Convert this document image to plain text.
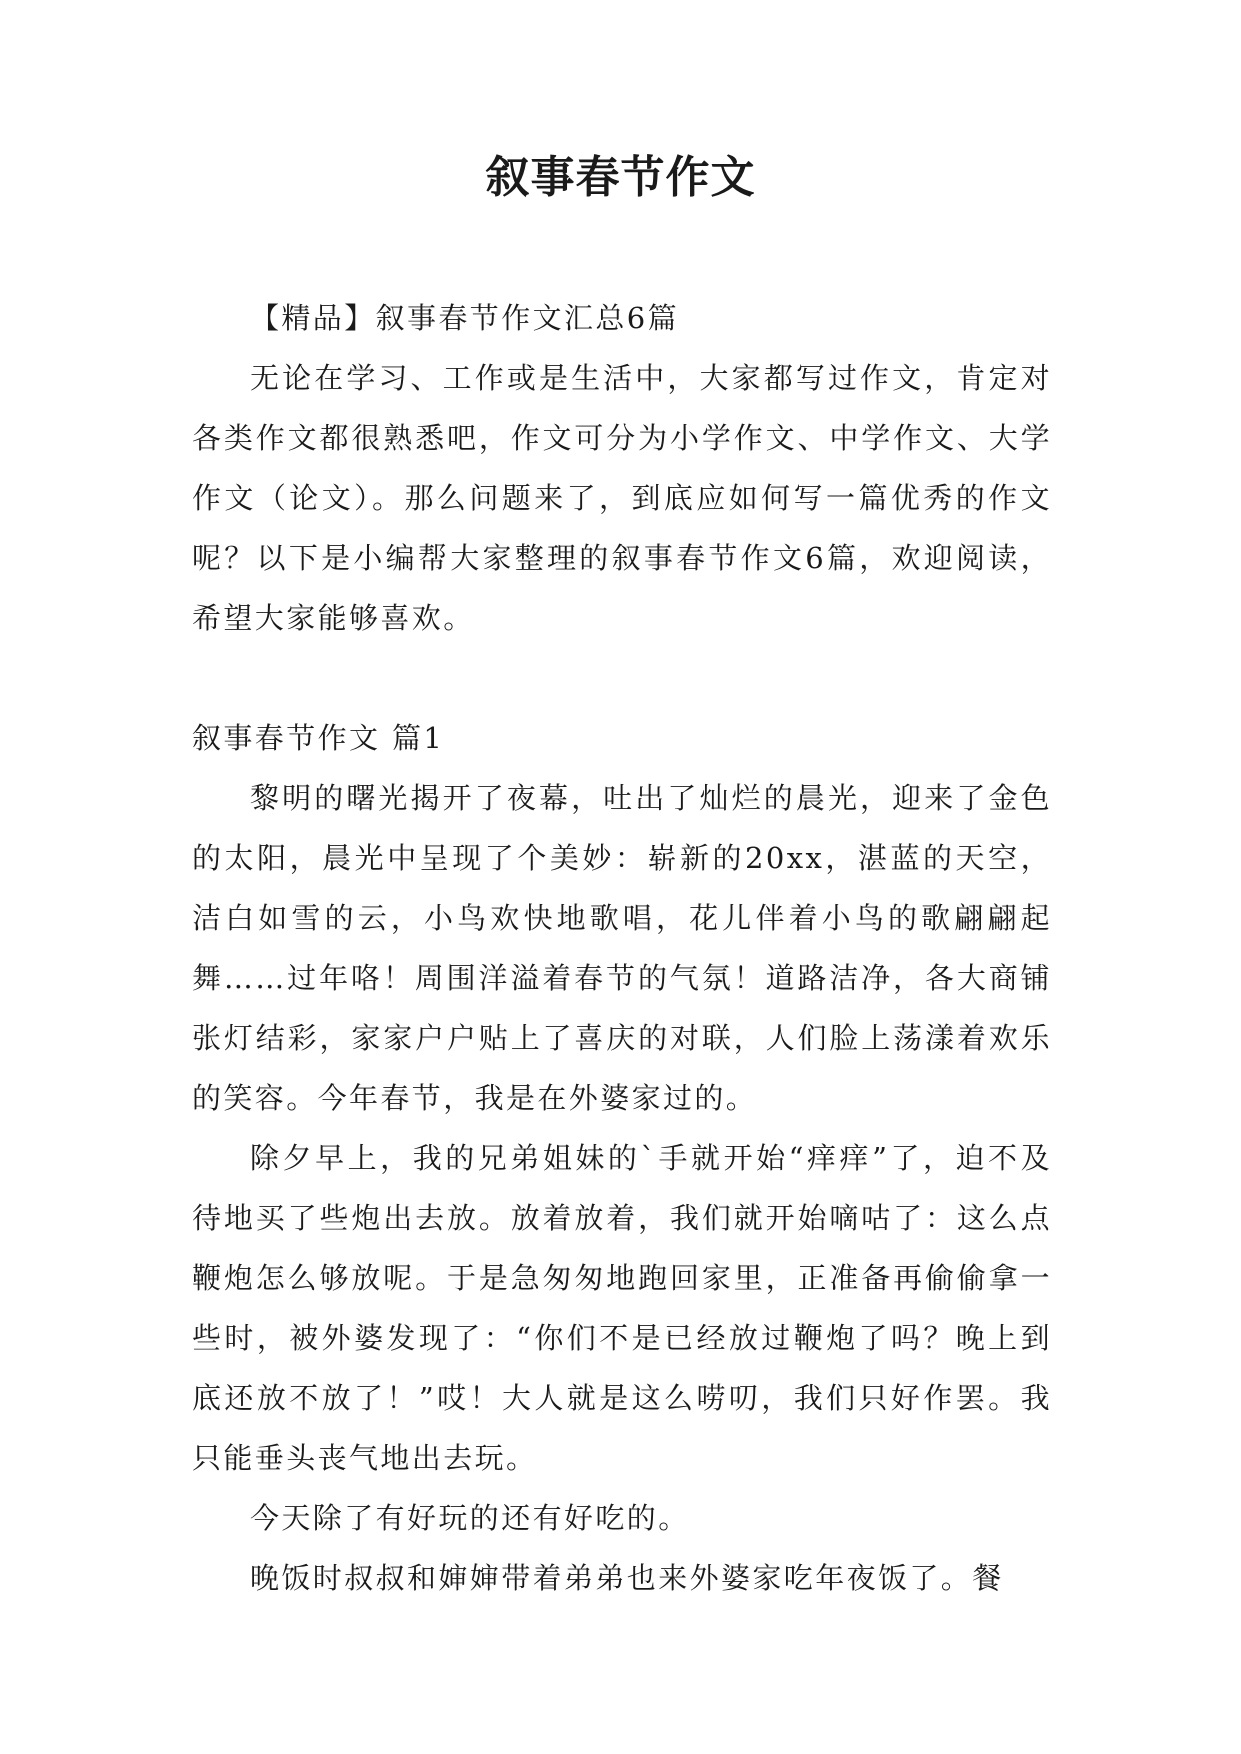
叙事春节作文

【精品】叙事春节作文汇总6篇

无论在学习、工作或是生活中，大家都写过作文，肯定对各类作文都很熟悉吧，作文可分为小学作文、中学作文、大学作文（论文）。那么问题来了，到底应如何写一篇优秀的作文呢？以下是小编帮大家整理的叙事春节作文6篇，欢迎阅读，希望大家能够喜欢。

叙事春节作文 篇1

黎明的曙光揭开了夜幕，吐出了灿烂的晨光，迎来了金色的太阳，晨光中呈现了个美妙：崭新的20xx，湛蓝的天空，洁白如雪的云，小鸟欢快地歌唱，花儿伴着小鸟的歌翩翩起舞……过年咯！周围洋溢着春节的气氛！道路洁净，各大商铺张灯结彩，家家户户贴上了喜庆的对联，人们脸上荡漾着欢乐的笑容。今年春节，我是在外婆家过的。

除夕早上，我的兄弟姐妹的`手就开始“痒痒”了，迫不及待地买了些炮出去放。放着放着，我们就开始嘀咕了：这么点鞭炮怎么够放呢。于是急匆匆地跑回家里，正准备再偷偷拿一些时，被外婆发现了：“你们不是已经放过鞭炮了吗？晚上到底还放不放了！”哎！大人就是这么唠叨，我们只好作罢。我只能垂头丧气地出去玩。

今天除了有好玩的还有好吃的。

晚饭时叔叔和婶婶带着弟弟也来外婆家吃年夜饭了。餐
